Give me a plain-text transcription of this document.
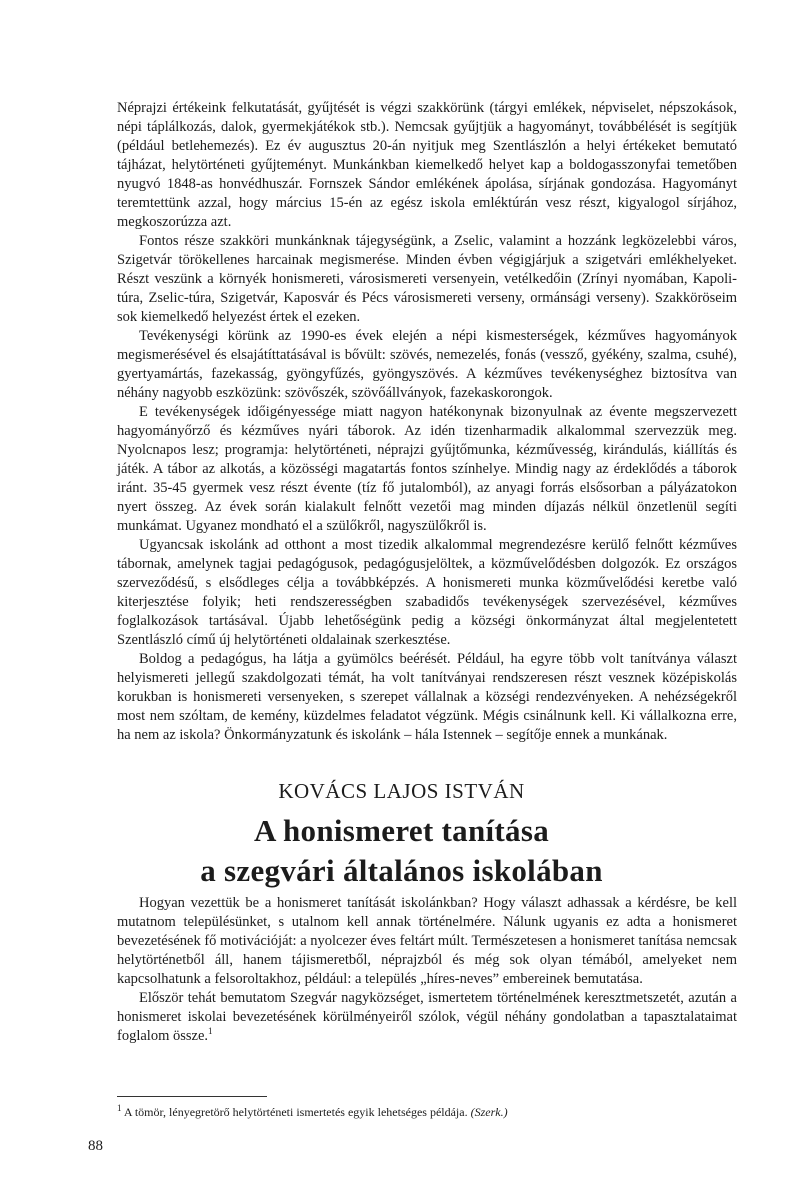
Néprajzi értékeink felkutatását, gyűjtését is végzi szakkörünk (tárgyi emlékek, népviselet, népszokások, népi táplálkozás, dalok, gyermekjátékok stb.). Nemcsak gyűjtjük a hagyományt, továbbélését is segítjük (például betlehemezés). Ez év augusztus 20-án nyitjuk meg Szentlászlón a helyi értékeket bemutató tájházat, helytörténeti gyűjteményt. Munkánkban kiemelkedő helyet kap a boldogasszonyfai temetőben nyugvó 1848-as honvédhuszár. Fornszek Sándor emlékének ápolása, sírjának gondozása. Hagyományt teremtettünk azzal, hogy március 15-én az egész iskola emléktúrán vesz részt, kigyalogol sírjához, megkoszorúzza azt.

Fontos része szakköri munkánknak tájegységünk, a Zselic, valamint a hozzánk legközelebbi város, Szigetvár törökellenes harcainak megismerése. Minden évben végigjárjuk a szigetvári emlékhelyeket. Részt veszünk a környék honismereti, városismereti versenyein, vetélkedőin (Zrínyi nyomában, Kapoli-túra, Zselic-túra, Szigetvár, Kaposvár és Pécs városismereti verseny, ormánsági verseny). Szakköröseim sok kiemelkedő helyezést értek el ezeken.

Tevékenységi körünk az 1990-es évek elején a népi kismesterségek, kézműves hagyományok megismerésével és elsajátíttatásával is bővült: szövés, nemezelés, fonás (vessző, gyékény, szalma, csuhé), gyertyamártás, fazekasság, gyöngyfűzés, gyöngyszövés. A kézműves tevékenységhez biztosítva van néhány nagyobb eszközünk: szövőszék, szövőállványok, fazekaskorongok.

E tevékenységek időigényessége miatt nagyon hatékonynak bizonyulnak az évente megszervezett hagyományőrző és kézműves nyári táborok. Az idén tizenharmadik alkalommal szervezzük meg. Nyolcnapos lesz; programja: helytörténeti, néprajzi gyűjtőmunka, kézművesség, kirándulás, kiállítás és játék. A tábor az alkotás, a közösségi magatartás fontos színhelye. Mindig nagy az érdeklődés a táborok iránt. 35-45 gyermek vesz részt évente (tíz fő jutalomból), az anyagi forrás elsősorban a pályázatokon nyert összeg. Az évek során kialakult felnőtt vezetői mag minden díjazás nélkül önzetlenül segíti munkámat. Ugyanez mondható el a szülőkről, nagyszülőkről is.

Ugyancsak iskolánk ad otthont a most tizedik alkalommal megrendezésre kerülő felnőtt kézműves tábornak, amelynek tagjai pedagógusok, pedagógusjelöltek, a közművelődésben dolgozók. Ez országos szerveződésű, s elsődleges célja a továbbképzés. A honismereti munka közművelődési keretbe való kiterjesztése folyik; heti rendszerességben szabadidős tevékenységek szervezésével, kézműves foglalkozások tartásával. Újabb lehetőségünk pedig a községi önkormányzat által megjelentetett Szentlászló című új helytörténeti oldalainak szerkesztése.

Boldog a pedagógus, ha látja a gyümölcs beérését. Például, ha egyre több volt tanítványa választ helyismereti jellegű szakdolgozati témát, ha volt tanítványai rendszeresen részt vesznek középiskolás korukban is honismereti versenyeken, s szerepet vállalnak a községi rendezvényeken. A nehézségekről most nem szóltam, de kemény, küzdelmes feladatot végzünk. Mégis csinálnunk kell. Ki vállalkozna erre, ha nem az iskola? Önkormányzatunk és iskolánk – hála Istennek – segítője ennek a munkának.

KOVÁCS LAJOS ISTVÁN
A honismeret tanítása
a szegvári általános iskolában

Hogyan vezettük be a honismeret tanítását iskolánkban? Hogy választ adhassak a kérdésre, be kell mutatnom településünket, s utalnom kell annak történelmére. Nálunk ugyanis ez adta a honismeret bevezetésének fő motivációját: a nyolcezer éves feltárt múlt. Természetesen a honismeret tanítása nemcsak helytörténetből áll, hanem tájismeretből, néprajzból és még sok olyan témából, amelyeket nem kapcsolhatunk a felsoroltakhoz, például: a település „híres-neves” embereinek bemutatása.

Először tehát bemutatom Szegvár nagyközséget, ismertetem történelmének keresztmetszetét, azután a honismeret iskolai bevezetésének körülményeiről szólok, végül néhány gondolatban a tapasztalataimat foglalom össze.$^1$

$^1$ A tömör, lényegretörő helytörténeti ismertetés egyik lehetséges példája. (Szerk.)
88
